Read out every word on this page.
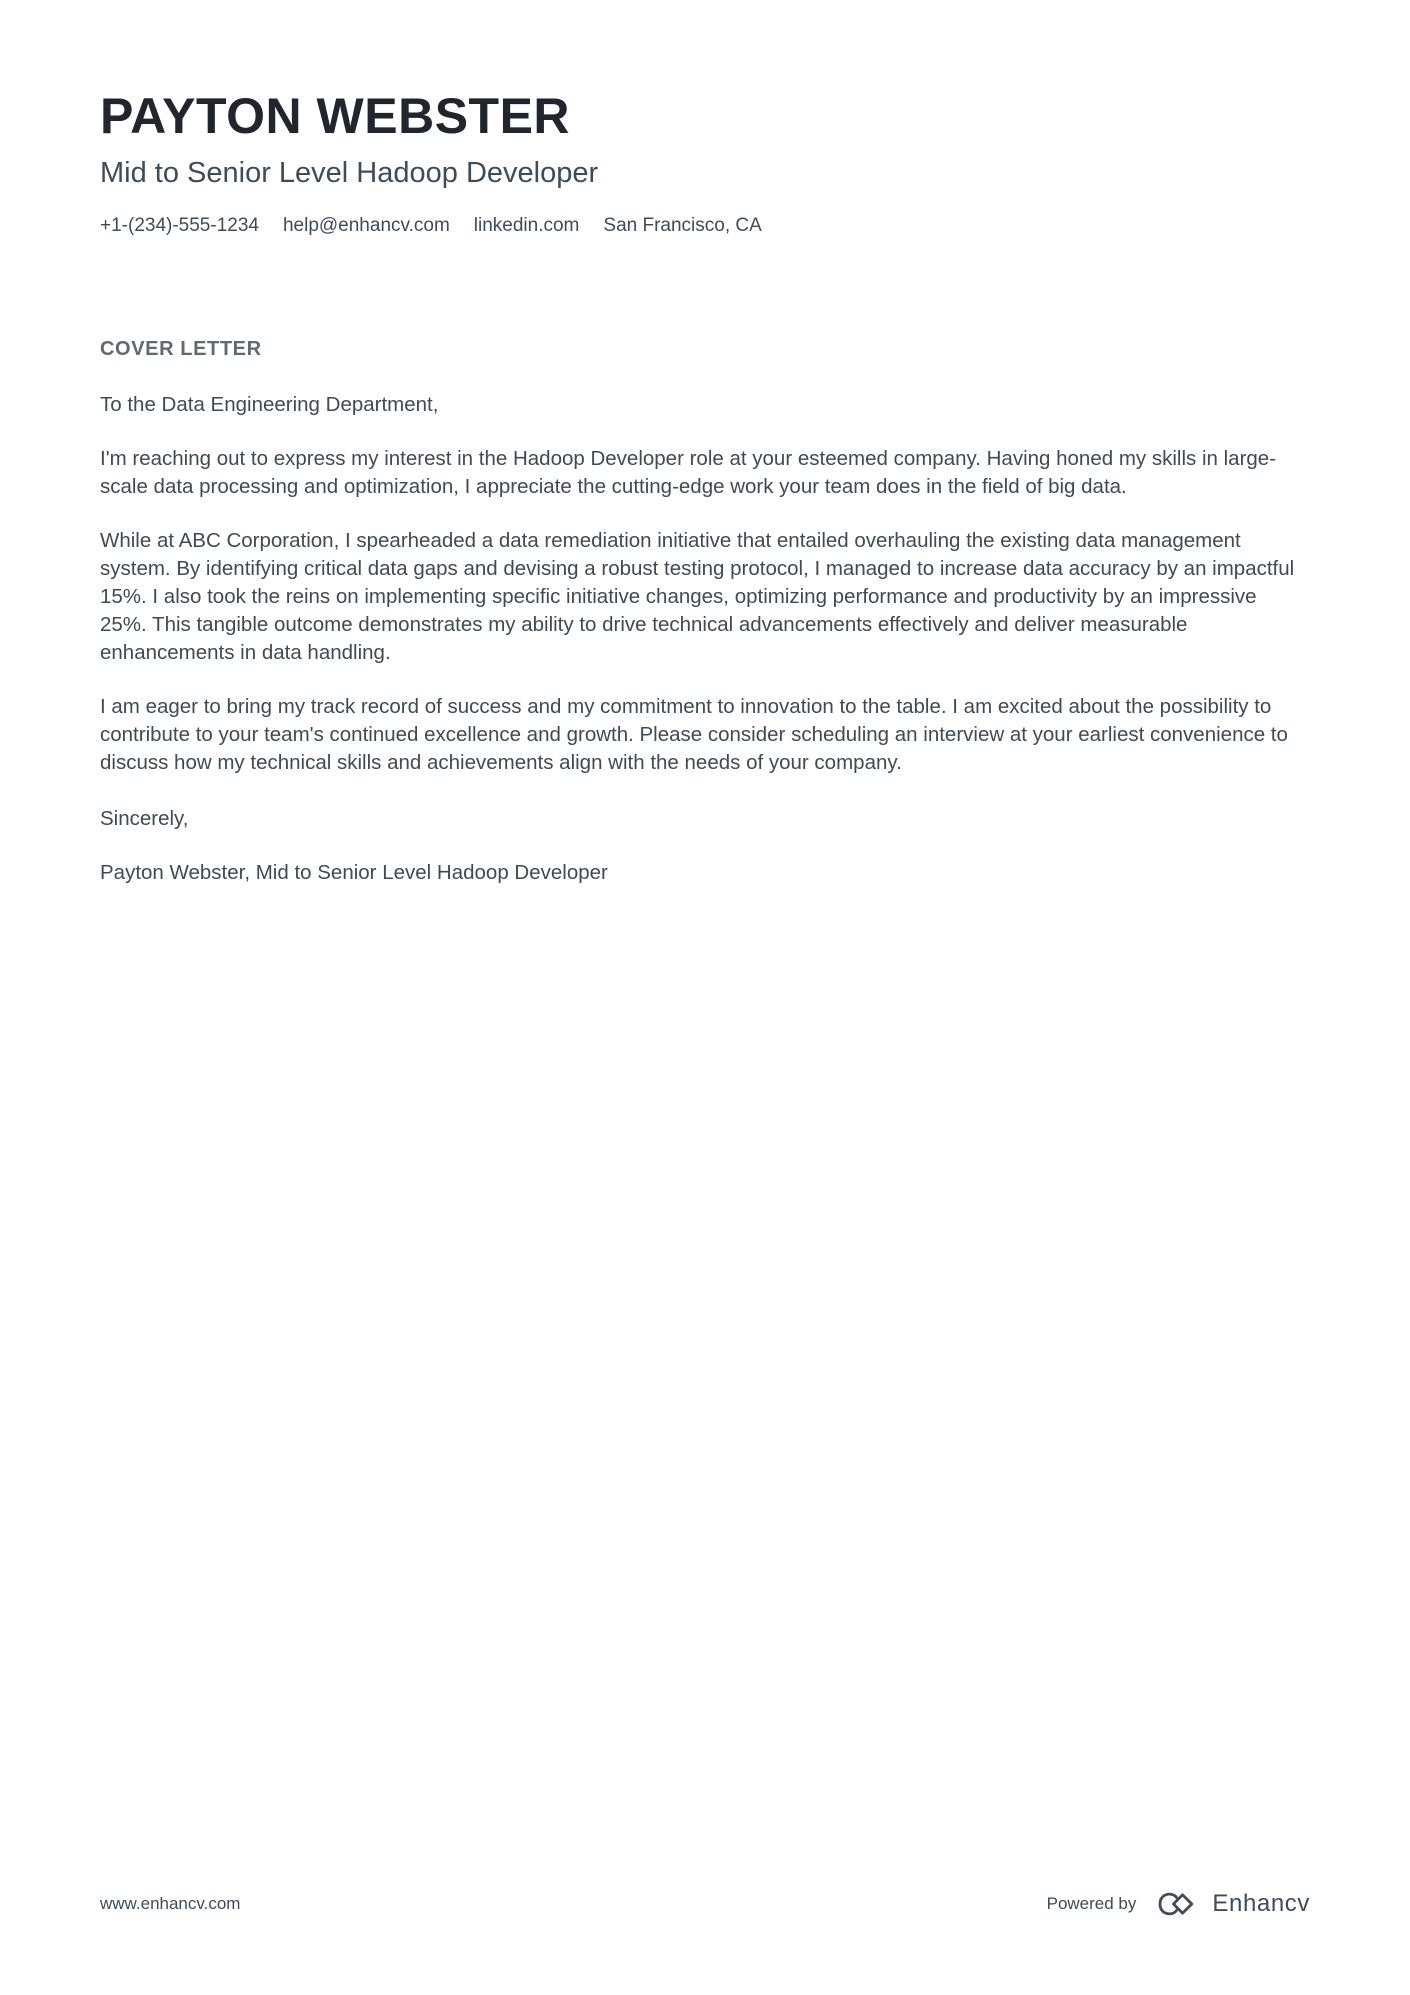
PAYTON WEBSTER
Mid to Senior Level Hadoop Developer
+1-(234)-555-1234 help@enhancv.com linkedin.com San Francisco, CA
COVER LETTER

To the Data Engineering Department,

I'm reaching out to express my interest in the Hadoop Developer role at your esteemed company. Having honed my skills in large-scale data processing and optimization, I appreciate the cutting-edge work your team does in the field of big data.

While at ABC Corporation, I spearheaded a data remediation initiative that entailed overhauling the existing data management system. By identifying critical data gaps and devising a robust testing protocol, I managed to increase data accuracy by an impactful 15%. I also took the reins on implementing specific initiative changes, optimizing performance and productivity by an impressive 25%. This tangible outcome demonstrates my ability to drive technical advancements effectively and deliver measurable enhancements in data handling.

I am eager to bring my track record of success and my commitment to innovation to the table. I am excited about the possibility to contribute to your team's continued excellence and growth. Please consider scheduling an interview at your earliest convenience to discuss how my technical skills and achievements align with the needs of your company.

Sincerely,

Payton Webster, Mid to Senior Level Hadoop Developer

www.enhancv.com	Powered by	Enhancv
